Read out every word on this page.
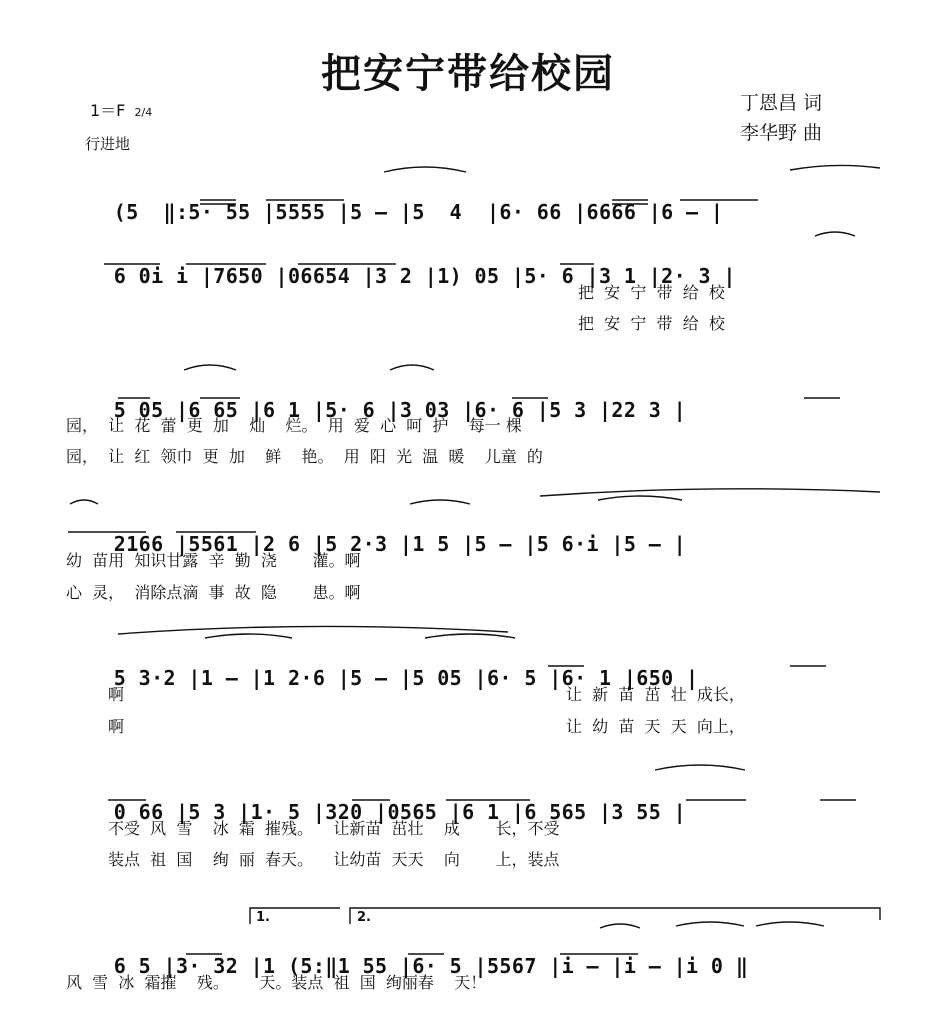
把安宁带给校园
1＝F 2/4
行进地
丁恩昌 词
李华野 曲

(5  ‖:5· 55 |5555 |5 – |5  4  |6· 66 |6666 |6 – |

6 0i i |7650 |06654 |3 2 |1) 05 |5· 6 |3 1 |2· 3 |

把  安  宁  带  给  校
把  安  宁  带  给  校

5 05 |6 65 |6 1 |5· 6 |3 03 |6· 6 |5 3 |22 3 |

园，  让  花  蕾  更  加    灿    烂。  用  爱  心  呵  护    每一 棵
园，  让  红  领巾  更  加    鲜    艳。  用  阳  光  温  暖    儿童  的

2166 |5561 |2 6 |5 2·3 |1 5 |5 – |5 6·i |5 – |

幼  苗用  知识甘露  辛  勤  浇       灌。啊
心  灵，  消除点滴  事  故  隐       患。啊

5 3·2 |1 – |1 2·6 |5 – |5 05 |6· 5 |6· 1 |650 |

啊	让  新  苗  茁  壮  成长，
啊	让  幼  苗  天  天  向上，

0 66 |5 3 |1· 5 |320 |0565 |6 1 |6 565 |3 55 |

不受  风  雪    冰  霜  摧残。    让新苗  茁壮    成       长，不受
装点  祖  国    绚  丽  春天。    让幼苗  天天    向       上，装点
1.	2.

6 5 |3· 32 |1 (5:‖1 55 |6· 5 |5567 |i – |i – |i 0 ‖

风  雪  冰  霜摧    残。      天。装点  祖  国  绚丽春    天！
